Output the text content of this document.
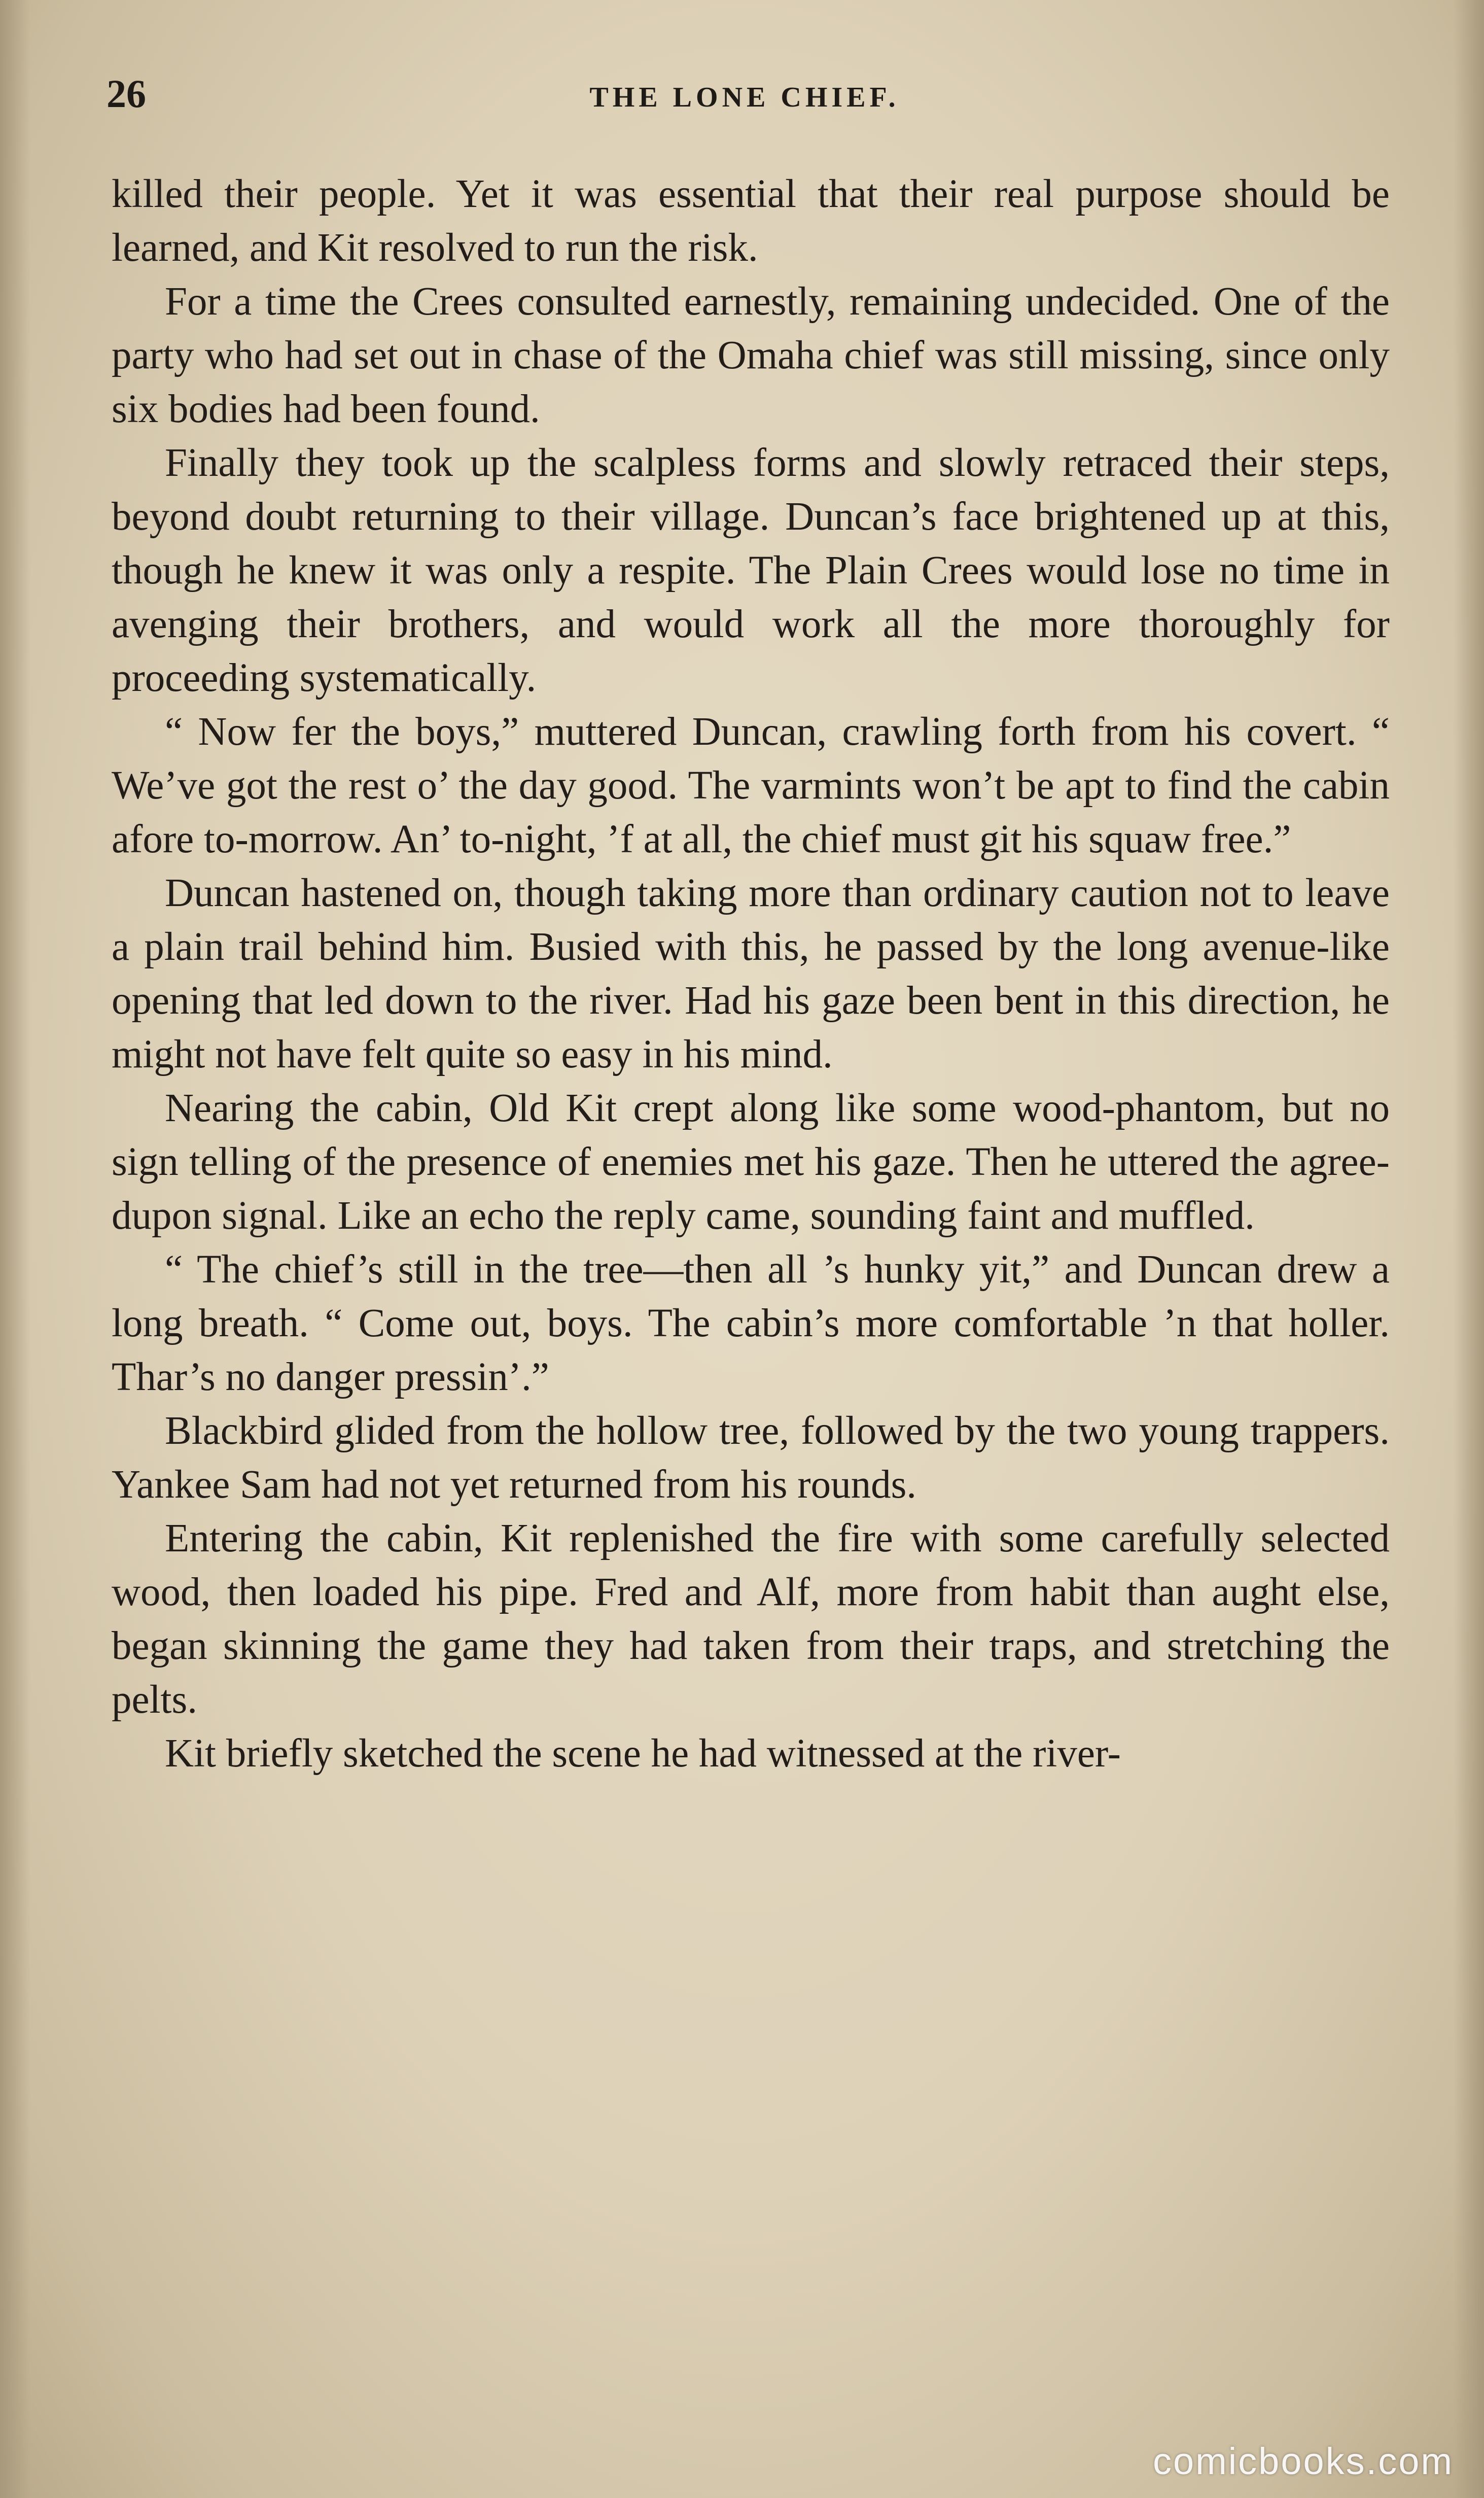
26	THE LONE CHIEF.

killed their people. Yet it was essential that their real purpose should be learned, and Kit resolved to run the risk.

For a time the Crees consulted earnestly, remaining undecided. One of the party who had set out in chase of the Omaha chief was still missing, since only six bodies had been found.

Finally they took up the scalpless forms and slowly retraced their steps, beyond doubt returning to their village. Duncan’s face brightened up at this, though he knew it was only a respite. The Plain Crees would lose no time in avenging their brothers, and would work all the more thoroughly for proceeding systematically.

“ Now fer the boys,” muttered Duncan, crawling forth from his covert. “ We’ve got the rest o’ the day good. The varmints won’t be apt to find the cabin afore to-morrow. An’ to-night, ’f at all, the chief must git his squaw free.”

Duncan hastened on, though taking more than ordinary caution not to leave a plain trail behind him. Busied with this, he passed by the long avenue-like opening that led down to the river. Had his gaze been bent in this direction, he might not have felt quite so easy in his mind.

Nearing the cabin, Old Kit crept along like some wood-phantom, but no sign telling of the presence of enemies met his gaze. Then he uttered the agree-dupon signal. Like an echo the reply came, sounding faint and muffled.

“ The chief’s still in the tree—then all ’s hunky yit,” and Duncan drew a long breath. “ Come out, boys. The cabin’s more comfortable ’n that holler. Thar’s no danger pressin’.”

Blackbird glided from the hollow tree, followed by the two young trappers. Yankee Sam had not yet returned from his rounds.

Entering the cabin, Kit replenished the fire with some carefully selected wood, then loaded his pipe. Fred and Alf, more from habit than aught else, began skinning the game they had taken from their traps, and stretching the pelts.

Kit briefly sketched the scene he had witnessed at the river-

comicbooks.com
